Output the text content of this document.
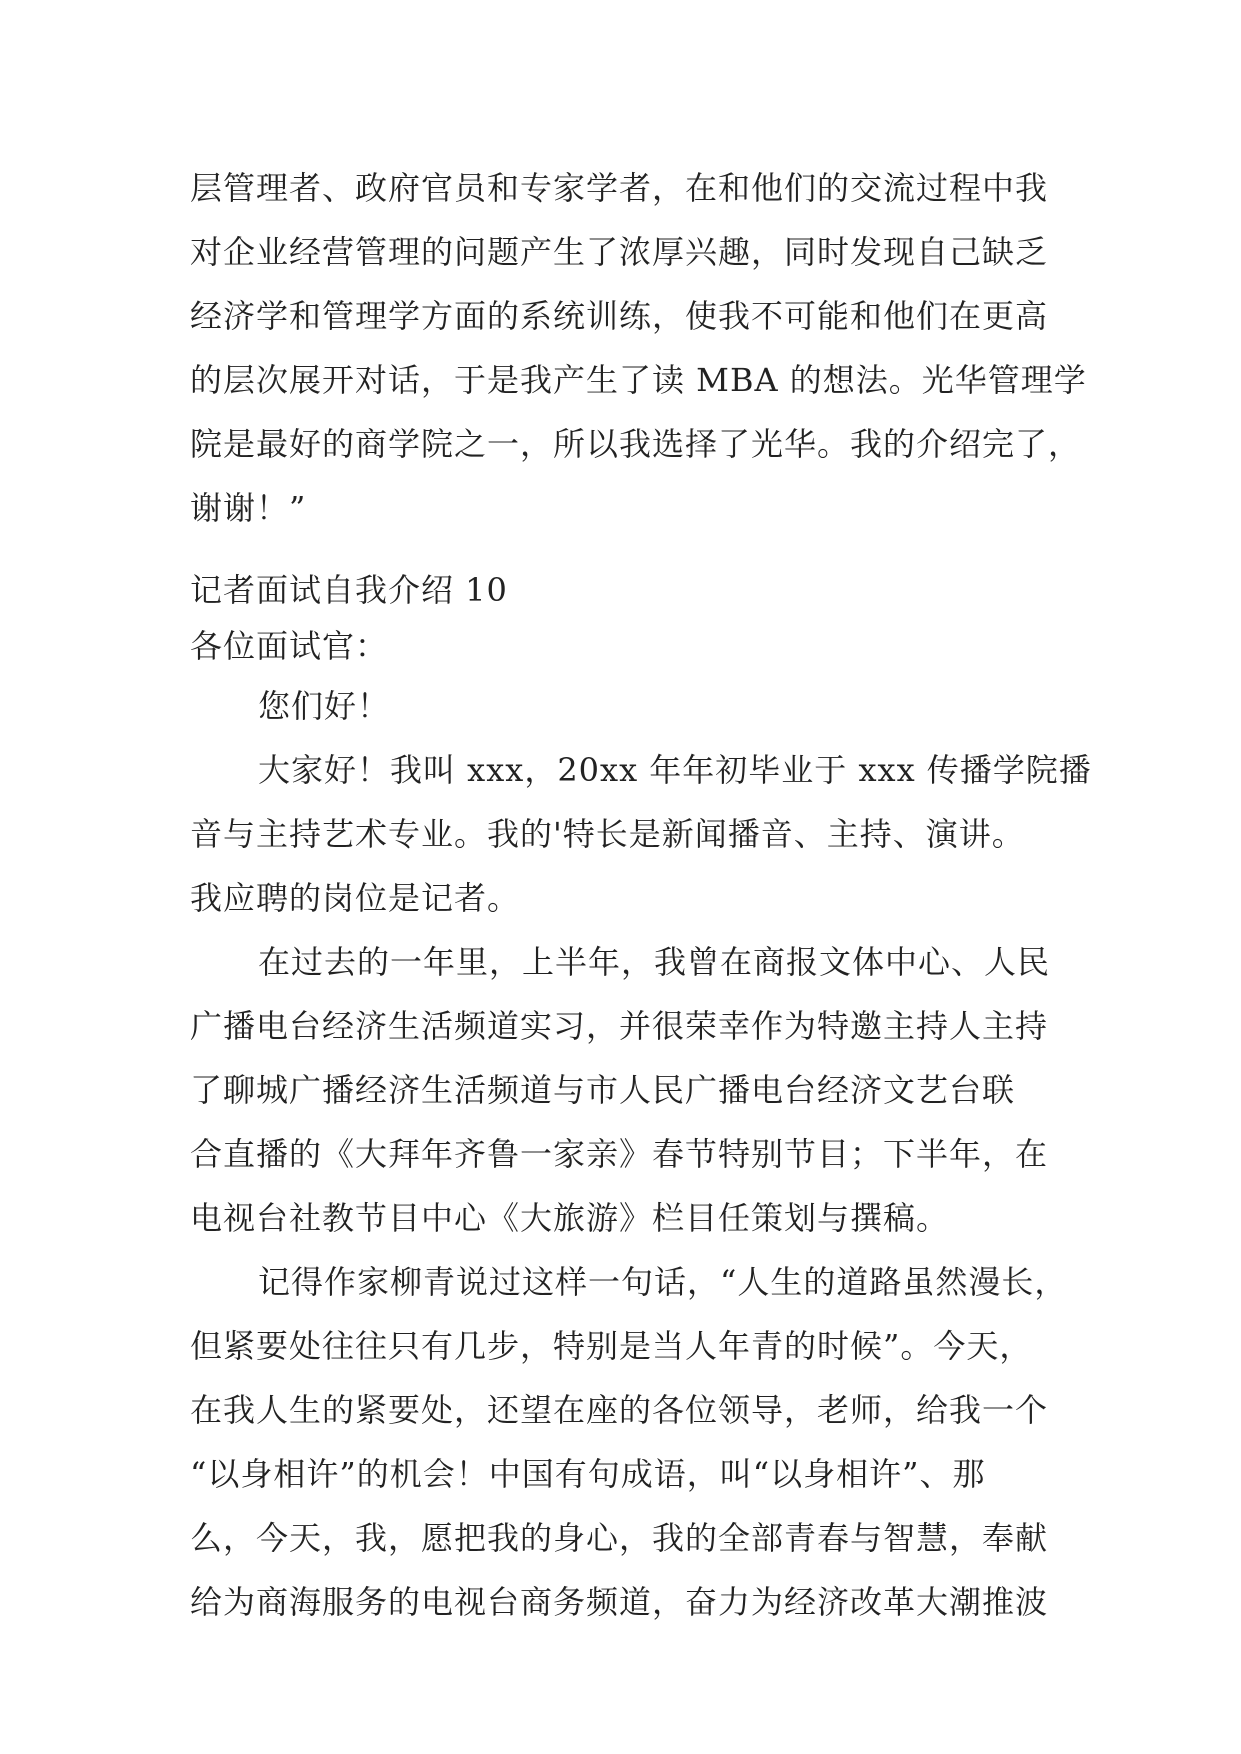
层管理者、政府官员和专家学者，在和他们的交流过程中我
对企业经营管理的问题产生了浓厚兴趣，同时发现自己缺乏
经济学和管理学方面的系统训练，使我不可能和他们在更高
的层次展开对话，于是我产生了读 MBA 的想法。光华管理学
院是最好的商学院之一，所以我选择了光华。我的介绍完了，
谢谢！”
记者面试自我介绍 10
各位面试官：
您们好！
大家好！我叫 xxx，20xx 年年初毕业于 xxx 传播学院播
音与主持艺术专业。我的'特长是新闻播音、主持、演讲。
我应聘的岗位是记者。
在过去的一年里，上半年，我曾在商报文体中心、人民
广播电台经济生活频道实习，并很荣幸作为特邀主持人主持
了聊城广播经济生活频道与市人民广播电台经济文艺台联
合直播的《大拜年齐鲁一家亲》春节特别节目；下半年，在
电视台社教节目中心《大旅游》栏目任策划与撰稿。
记得作家柳青说过这样一句话，“人生的道路虽然漫长，
但紧要处往往只有几步，特别是当人年青的时候”。今天，
在我人生的紧要处，还望在座的各位领导，老师，给我一个
“以身相许”的机会！中国有句成语，叫“以身相许”、那
么，今天，我，愿把我的身心，我的全部青春与智慧，奉献
给为商海服务的电视台商务频道，奋力为经济改革大潮推波
